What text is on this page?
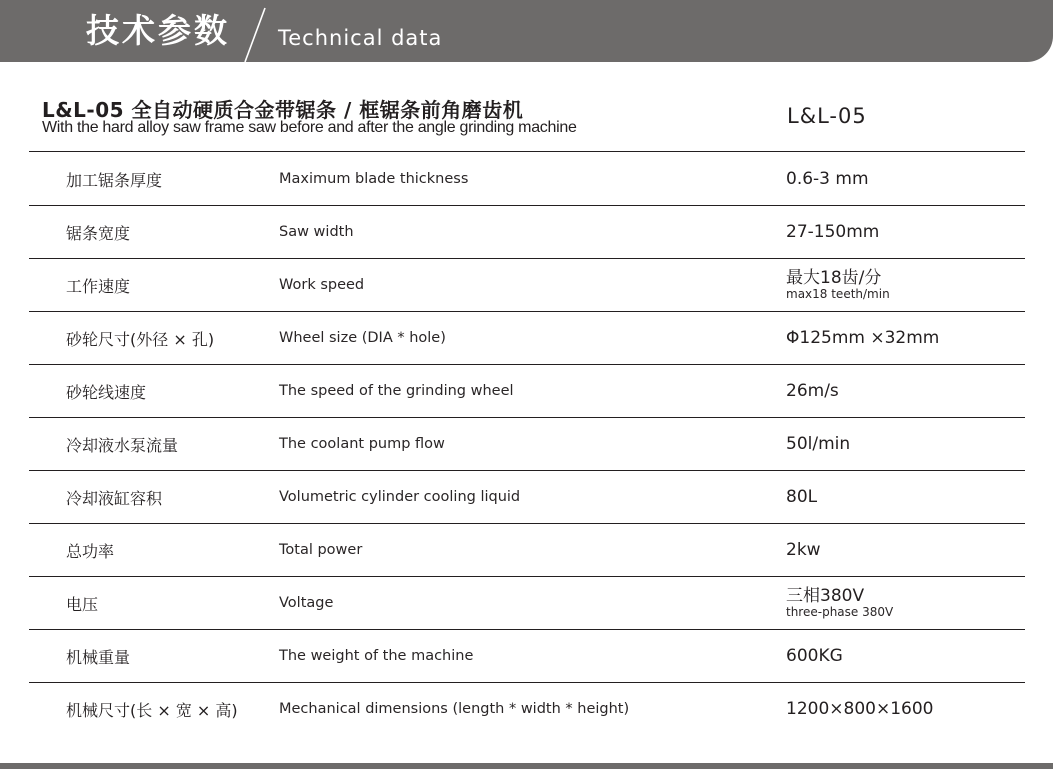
技术参数 Technical data
L&L-05 全自动硬质合金带锯条 / 框锯条前角磨齿机
With the hard alloy saw frame saw before and after the angle grinding machine	L&L-05
加工锯条厚度	Maximum blade thickness	0.6-3 mm
锯条宽度	Saw width	27-150mm
工作速度	Work speed	最大18齿/分
max18 teeth/min
砂轮尺寸(外径 × 孔)	Wheel size (DIA * hole)	Φ125mm ×32mm
砂轮线速度	The speed of the grinding wheel	26m/s
冷却液水泵流量	The coolant pump flow	50l/min
冷却液缸容积	Volumetric cylinder cooling liquid	80L
总功率	Total power	2kw
电压	Voltage	三相380V
three-phase 380V
机械重量	The weight of the machine	600KG
机械尺寸(长 × 宽 × 高)	Mechanical dimensions (length * width * height)	1200×800×1600
